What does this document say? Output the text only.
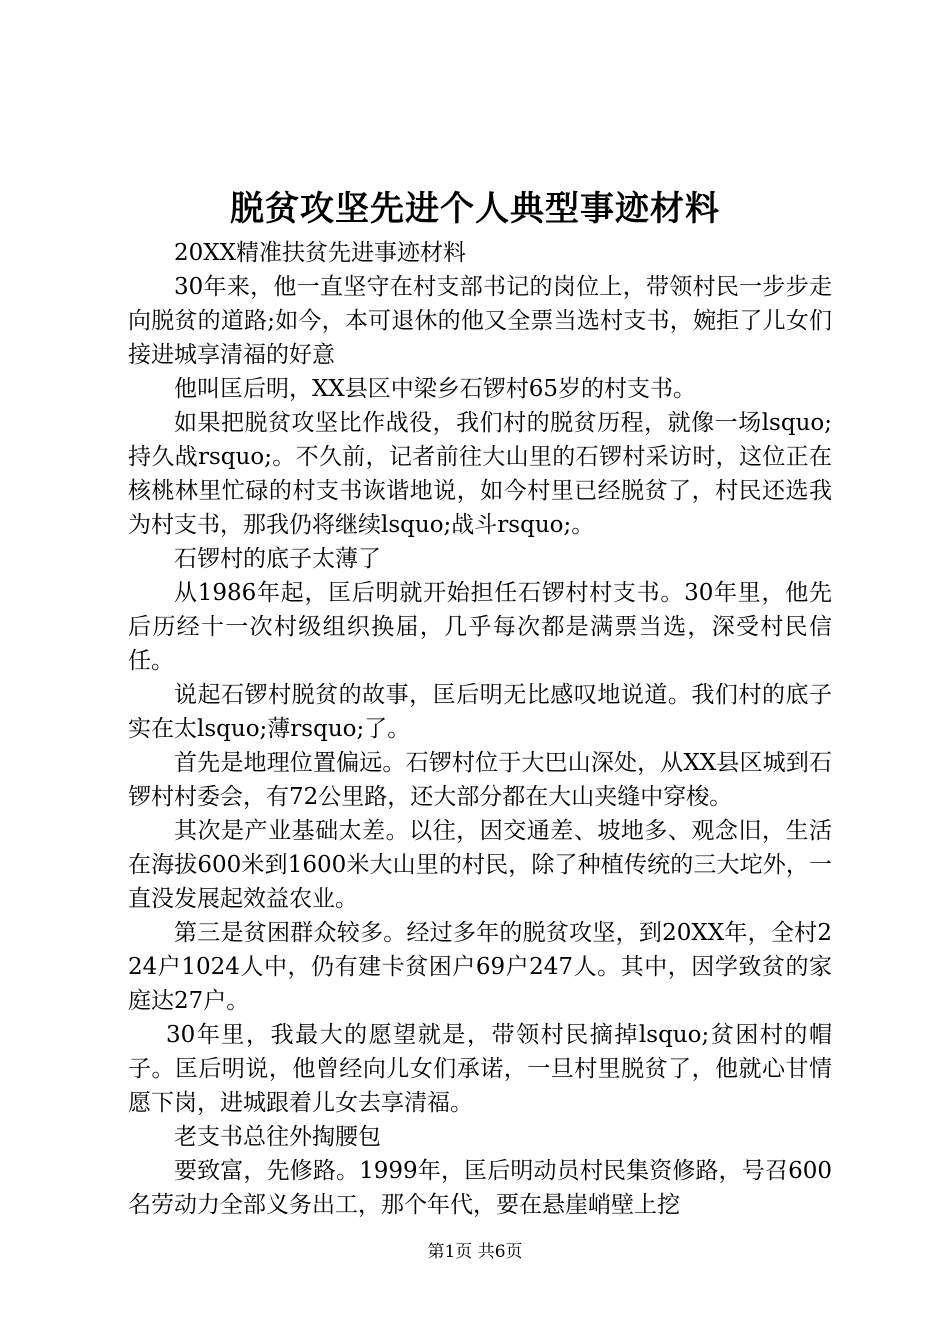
脱贫攻坚先进个人典型事迹材料

20XX精准扶贫先进事迹材料

30年来，他一直坚守在村支部书记的岗位上，带领村民一步步走向脱贫的道路;如今，本可退休的他又全票当选村支书，婉拒了儿女们接进城享清福的好意

他叫匡后明，XX县区中梁乡石锣村65岁的村支书。

如果把脱贫攻坚比作战役，我们村的脱贫历程，就像一场lsquo;持久战rsquo;。不久前，记者前往大山里的石锣村采访时，这位正在核桃林里忙碌的村支书诙谐地说，如今村里已经脱贫了，村民还选我为村支书，那我仍将继续lsquo;战斗rsquo;。

石锣村的底子太薄了

从1986年起，匡后明就开始担任石锣村村支书。30年里，他先后历经十一次村级组织换届，几乎每次都是满票当选，深受村民信任。

说起石锣村脱贫的故事，匡后明无比感叹地说道。我们村的底子实在太lsquo;薄rsquo;了。

首先是地理位置偏远。石锣村位于大巴山深处，从XX县区城到石锣村村委会，有72公里路，还大部分都在大山夹缝中穿梭。

其次是产业基础太差。以往，因交通差、坡地多、观念旧，生活在海拔600米到1600米大山里的村民，除了种植传统的三大坨外，一直没发展起效益农业。

第三是贫困群众较多。经过多年的脱贫攻坚，到20XX年，全村224户1024人中，仍有建卡贫困户69户247人。其中，因学致贫的家庭达27户。

30年里，我最大的愿望就是，带领村民摘掉lsquo;贫困村的帽子。匡后明说，他曾经向儿女们承诺，一旦村里脱贫了，他就心甘情愿下岗，进城跟着儿女去享清福。

老支书总往外掏腰包

要致富，先修路。1999年，匡后明动员村民集资修路，号召600名劳动力全部义务出工，那个年代，要在悬崖峭壁上挖

第1页 共6页
